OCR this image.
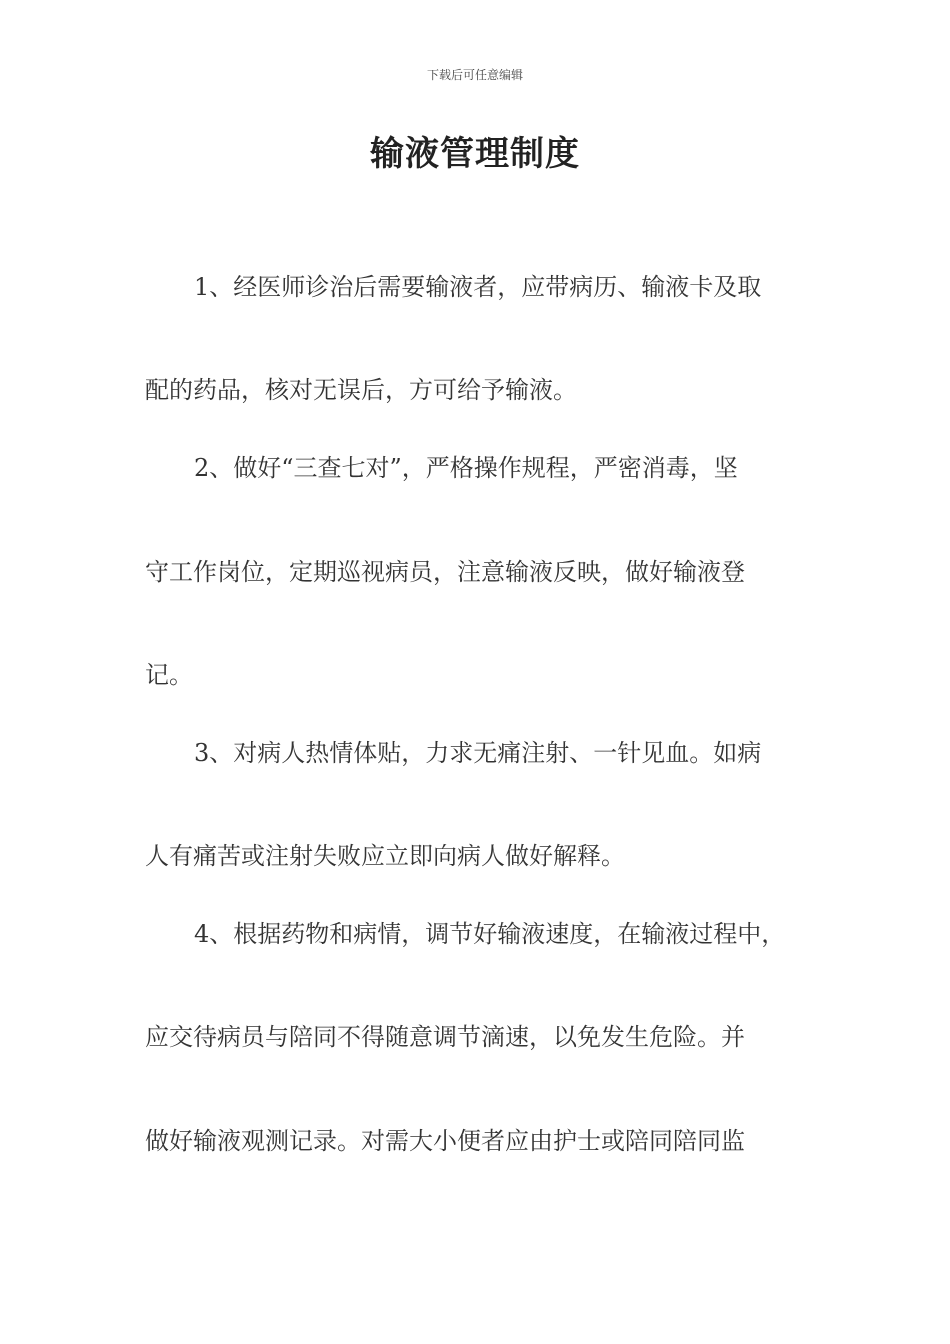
下载后可任意编辑
输液管理制度
1、经医师诊治后需要输液者，应带病历、输液卡及取
配的药品，核对无误后，方可给予输液。
2、做好“三查七对”，严格操作规程，严密消毒，坚
守工作岗位，定期巡视病员，注意输液反映，做好输液登
记。
3、对病人热情体贴，力求无痛注射、一针见血。如病
人有痛苦或注射失败应立即向病人做好解释。
4、根据药物和病情，调节好输液速度，在输液过程中，
应交待病员与陪同不得随意调节滴速，以免发生危险。并
做好输液观测记录。对需大小便者应由护士或陪同陪同监
